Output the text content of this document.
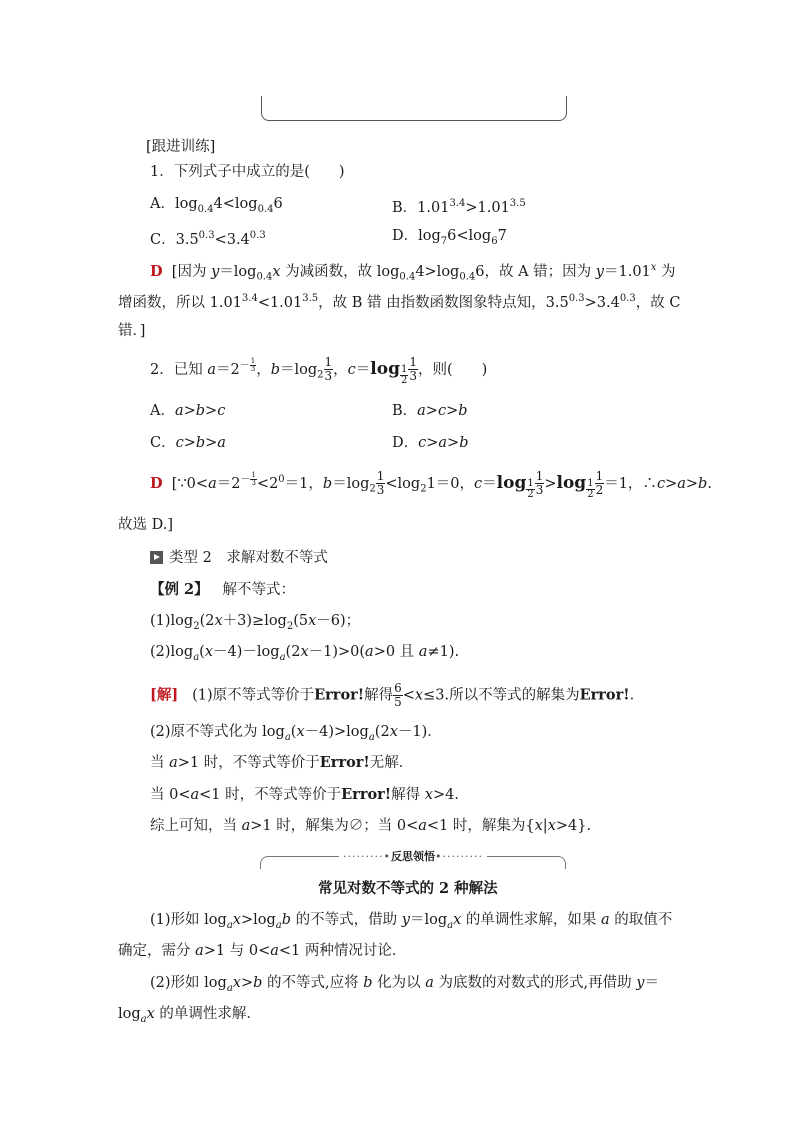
[跟进训练]
1．下列式子中成立的是(　　)
A．$\log_{0.4}4<\log_{0.4}6$	B．$1.01^{3.4}>1.01^{3.5}$
C．$3.5^{0.3}<3.4^{0.3}$	D．$\log_76<\log_67$
D [因为 $y=\log_{0.4}x$ 为减函数，故 $\log_{0.4}4>\log_{0.4}6$，故 A 错；因为 $y=1.01^x$ 为
增函数，所以 $1.01^{3.4}<1.01^{3.5}$，故 B 错 由指数函数图象特点知，$3.5^{0.3}>3.4^{0.3}$，故 C
错．]
2．已知 $a=2^{- \frac{1}{3}}$ ，$b=\log_2 \frac{1}{3}$ ，c＝log $_{\frac{1}{2}} \frac{1}{3}$ ，则(　　)
A．a>b>c	B．a>c>b
C．c>b>a	D．c>a>b
D  [$\because 0<a=2^{- \frac{1}{3}} <2^0=1$，$b=\log_2 \frac{1}{3} <\log_21=0$，c＝log $_{\frac{1}{2}} \frac{1}{3} >\log$ $_{\frac{1}{2}} \frac{1}{2} =1$，∴c>a>b.
故选 D.]
类型 2　求解对数不等式
【例 2】 解不等式：
$(1)\log_2(2x+3)\ge\log_2(5x-6)$；
$(2)\log_a(x-4)-\log_a(2x-1)>0(a>0$ 且 a≠1).
[解] (1)原不等式等价于Error!解得 $\frac{6}{5} <x\le 3$.所以不等式的解集为Error!.
(2)原不等式化为 $\log_a(x-4)>\log_a(2x-1)$．
当 a>1 时，不等式等价于Error!无解．
当 0<a<1 时，不等式等价于Error!解得 x>4.
综上可知，当 a>1 时，解集为∅；当 0<a<1 时，解集为{x|x>4}.
·········•反思领悟•·········
常见对数不等式的 2 种解法
(1)形如 $\log_ax>\log_ab$ 的不等式，借助 $y=\log_ax$ 的单调性求解，如果 a 的取值不
确定，需分 a>1 与 0<a<1 两种情况讨论．
(2)形如 $\log_ax>b$ 的不等式,应将 b 化为以 a 为底数的对数式的形式,再借助 y＝
$\log_ax$ 的单调性求解．
